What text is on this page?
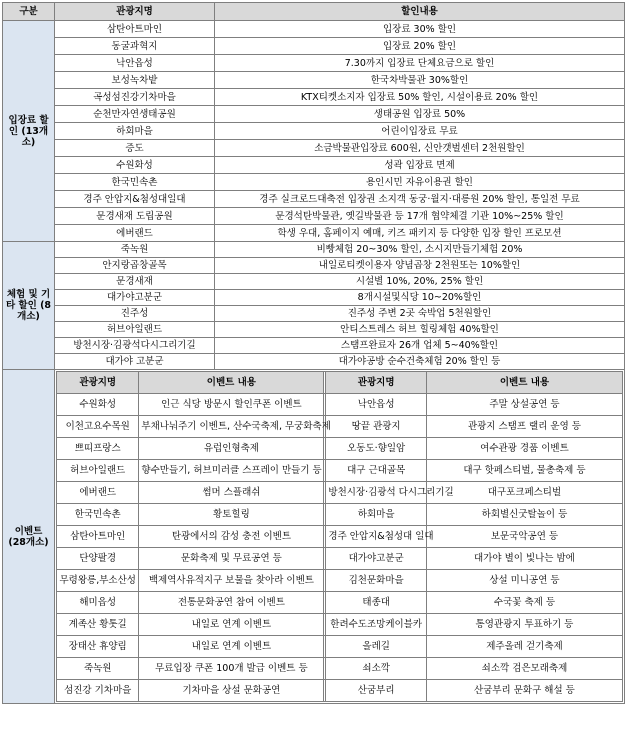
구분	관광지명	할인내용
입장료 할인 (13개소)	삼탄아트마인	입장료 30% 할인
동굴과혁지	입장료 20% 할인
낙안읍성	7.30까지 입장료 단체요금으로 할인
보성녹차밭	한국차박물관 30%할인
곡성섬진강기차마을	KTX티켓소지자 입장료 50% 할인, 시설이용료 20% 할인
순천만자연생태공원	생태공원 입장료 50%
하회마을	어린이입장료 무료
증도	소금박물관입장료 600원, 신안갯벌센터 2천원할인
수원화성	성곽 입장료 면제
한국민속촌	용인시민 자유이용권 할인
경주 안압지&첨성대일대	경주 실크로드대축전 입장권 소지객 동궁·월지·대릉원 20% 할인, 통일전 무료
문경새재 도립공원	문경석탄박물관, 옛길박물관 등 17개 협약체결 기관 10%~25% 할인
에버랜드	학생 우대, 홈페이지 예매, 키즈 패키지 등 다양한 입장 할인 프로모션
체험 및 기타 할인 (8개소)	죽녹원	비빵체험 20~30% 할인, 소시지만들기체험 20%
안지랑곱창골목	내일로티켓이용자 양념곱창 2천원또는 10%할인
문경새재	시설별 10%, 20%, 25% 할인
대가야고분군	8개시설및식당 10~20%할인
진주성	진주성 주변 2곳 숙박업 5천원할인
허브아일랜드	안티스트레스 허브 힐링체험 40%할인
방천시장·김광석다시그리기길	스탬프완료자 26개 업체 5~40%할인
대가야 고분군	대가야공방 순수건축체험 20% 할인 등
이벤트 (28개소)	
관광지명	이벤트 내용		관광지명	이벤트 내용
수원화성	인근 식당 방문시 할인쿠폰 이벤트		낙안읍성	주말 상설공연 등
이천고요수목원	부채나눠주기 이벤트, 산수국축제, 무궁화축제		땅끝 관광지	관광지 스탬프 랠리 운영 등
쁘띠프랑스	유럽인형축제		오동도·향일암	여수관광 경품 이벤트
허브아일랜드	향수만들기, 허브미러클 스프레이 만들기 등		대구 근대골목	대구 핫페스티벌, 물총축제 등
에버랜드	썸머 스플래쉬		방천시장·김광석 다시그리기길	대구포크페스티벌
한국민속촌	황토힐링		하회마을	하회별신굿탈놀이 등
삼탄아트마인	탄광에서의 감성 충전 이벤트		경주 안압지&첨성대 일대	보문국악공연 등
단양팔경	문화축제 및 무료공연 등		대가야고분군	대가야 별이 빛나는 밤에
무령왕릉,부소산성	백제역사유적지구 보물을 찾아라 이벤트		김천문화마을	상설 미니공연 등
해미읍성	전통문화공연 참여 이벤트		태종대	수국꽃 축제 등
계족산 황톳길	내일로 연계 이벤트		한려수도조망케이블카	통영관광지 투표하기 등
장태산 휴양림	내일로 연계 이벤트		올레길	제주올레 걷기축제
죽녹원	무료입장 쿠폰 100개 발급 이벤트 등		쇠소깍	쇠소깍 검은모래축제
섬진강 기차마을	기차마을 상설 문화공연		산굼부리	산굼부리 문화구 해설 등
